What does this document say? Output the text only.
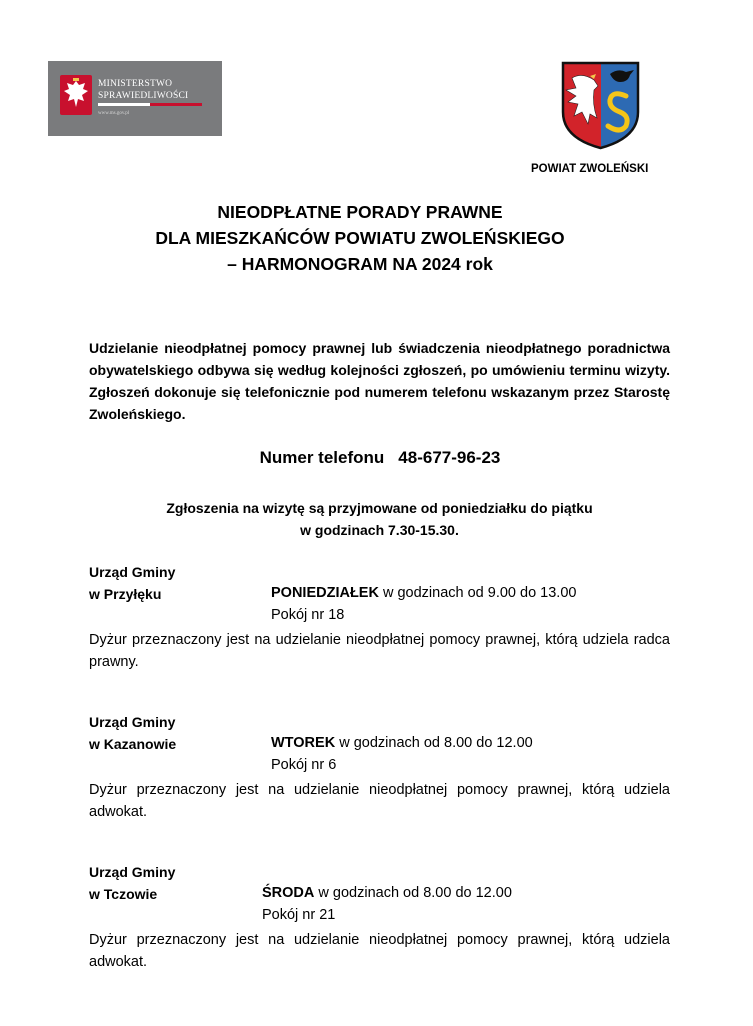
MINISTERSTWO
SPRAWIEDLIWOŚCI
www.ms.gov.pl
POWIAT ZWOLEŃSKI
NIEODPŁATNE PORADY PRAWNE
DLA MIESZKAŃCÓW POWIATU ZWOLEŃSKIEGO
– HARMONOGRAM NA 2024 rok
Udzielanie nieodpłatnej pomocy prawnej lub świadczenia nieodpłatnego poradnictwa obywatelskiego odbywa się według kolejności zgłoszeń, po umówieniu terminu wizyty. Zgłoszeń dokonuje się telefonicznie pod numerem telefonu wskazanym przez Starostę Zwoleńskiego.
Numer telefonu 48-677-96-23
Zgłoszenia na wizytę są przyjmowane od poniedziałku do piątku
w godzinach 7.30-15.30.
Urząd Gminy
w Przyłęku	PONIEDZIAŁEK w godzinach od 9.00 do 13.00
Pokój nr 18
Dyżur przeznaczony jest na udzielanie nieodpłatnej pomocy prawnej, którą udziela radca prawny.
Urząd Gminy
w Kazanowie	WTOREK w godzinach od 8.00 do 12.00
Pokój nr 6
Dyżur przeznaczony jest na udzielanie nieodpłatnej pomocy prawnej, którą udziela adwokat.
Urząd Gminy
w Tczowie	ŚRODA w godzinach od 8.00 do 12.00
Pokój nr 21
Dyżur przeznaczony jest na udzielanie nieodpłatnej pomocy prawnej, którą udziela adwokat.
